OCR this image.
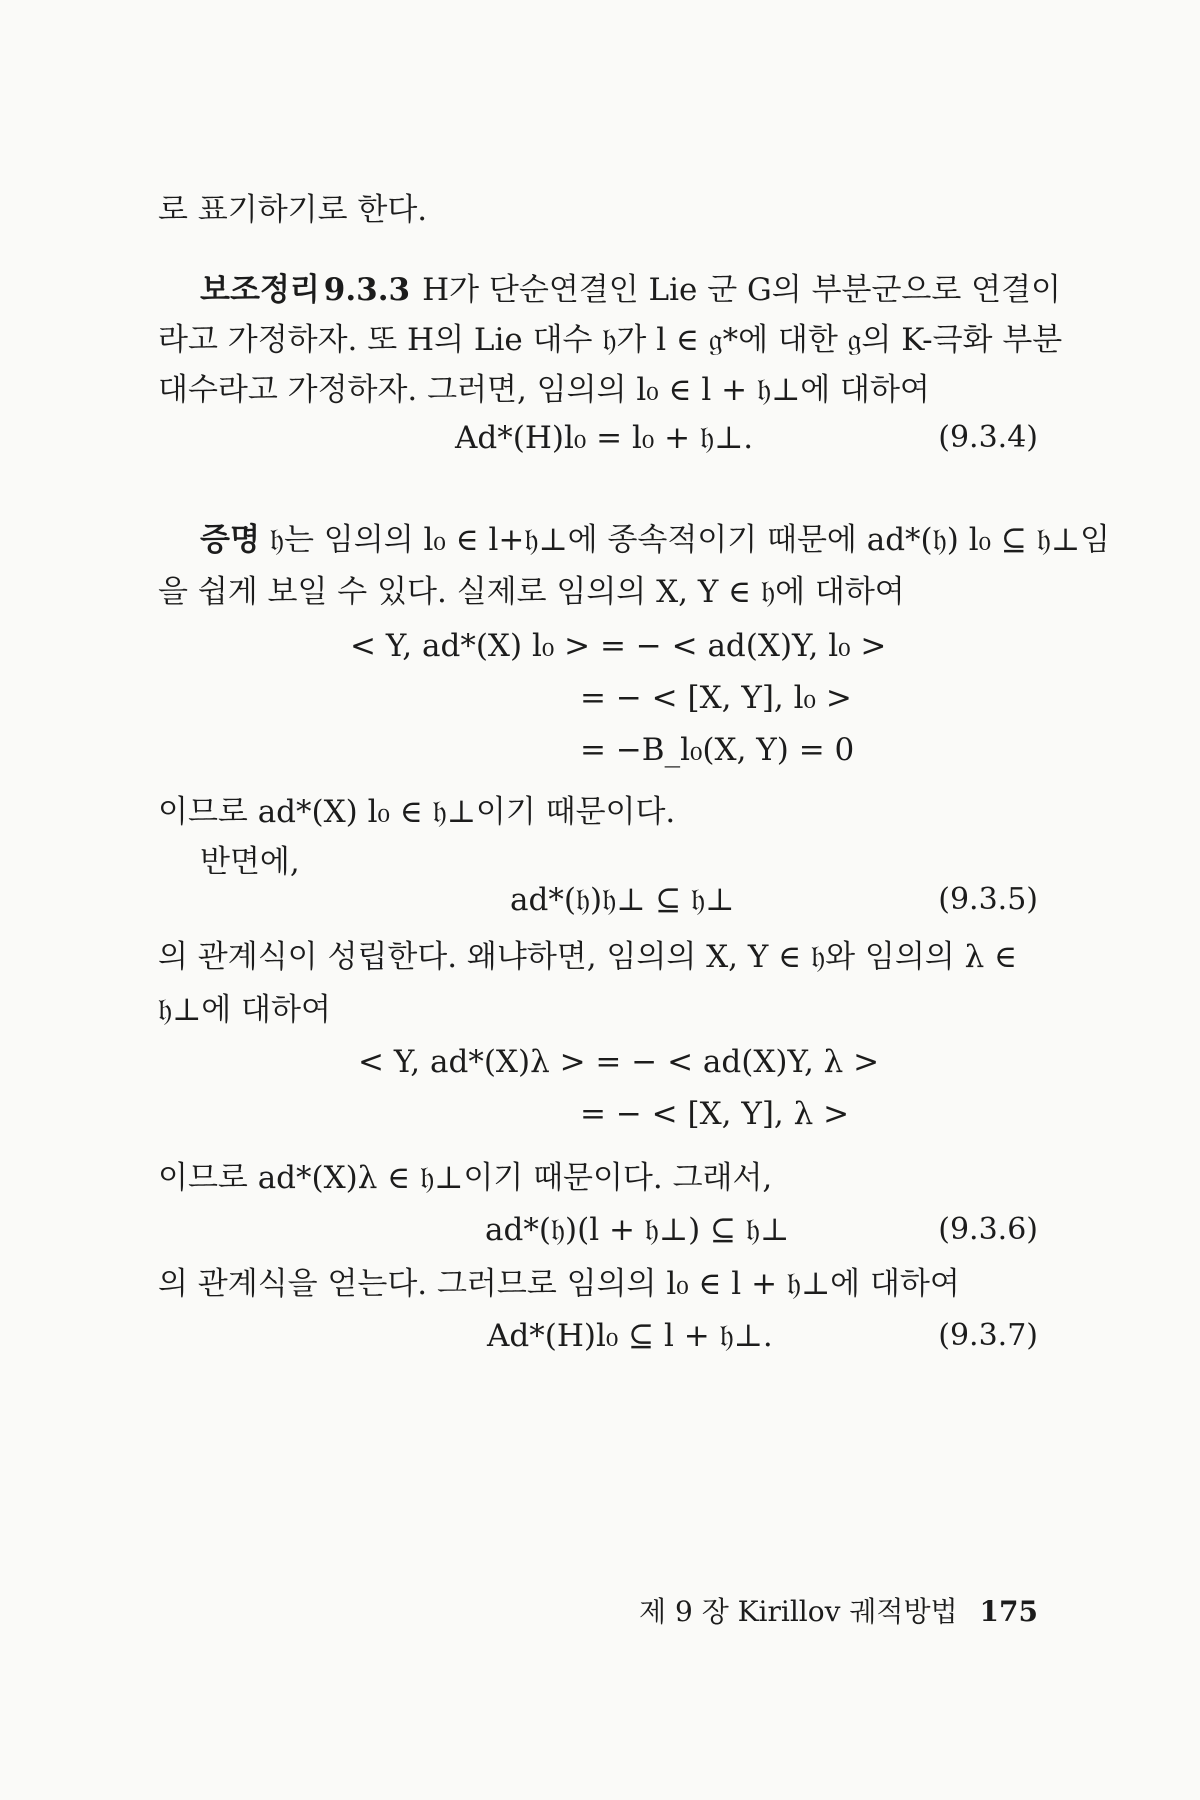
로 표기하기로 한다.
보조정리 9.3.3 H가 단순연결인 Lie 군 G의 부분군으로 연결이
라고 가정하자. 또 H의 Lie 대수 𝔥가 l ∈ 𝔤*에 대한 𝔤의 K-극화 부분
대수라고 가정하자. 그러면, 임의의 l₀ ∈ l + 𝔥⊥에 대하여
Ad*(H)l₀ = l₀ + 𝔥⊥.	(9.3.4)
증명 𝔥는 임의의 l₀ ∈ l+𝔥⊥에 종속적이기 때문에 ad*(𝔥) l₀ ⊆ 𝔥⊥임
을 쉽게 보일 수 있다. 실제로 임의의 X, Y ∈ 𝔥에 대하여
< Y, ad*(X) l₀ > = − < ad(X)Y, l₀ >
= − < [X, Y], l₀ >
= −B_l₀(X, Y) = 0
이므로 ad*(X) l₀ ∈ 𝔥⊥이기 때문이다.
반면에,
ad*(𝔥)𝔥⊥ ⊆ 𝔥⊥	(9.3.5)
의 관계식이 성립한다. 왜냐하면, 임의의 X, Y ∈ 𝔥와 임의의 λ ∈
𝔥⊥에 대하여
< Y, ad*(X)λ > = − < ad(X)Y, λ >
= − < [X, Y], λ >
이므로 ad*(X)λ ∈ 𝔥⊥이기 때문이다. 그래서,
ad*(𝔥)(l + 𝔥⊥) ⊆ 𝔥⊥	(9.3.6)
의 관계식을 얻는다. 그러므로 임의의 l₀ ∈ l + 𝔥⊥에 대하여
Ad*(H)l₀ ⊆ l + 𝔥⊥.	(9.3.7)
제 9 장 Kirillov 궤적방법 175
